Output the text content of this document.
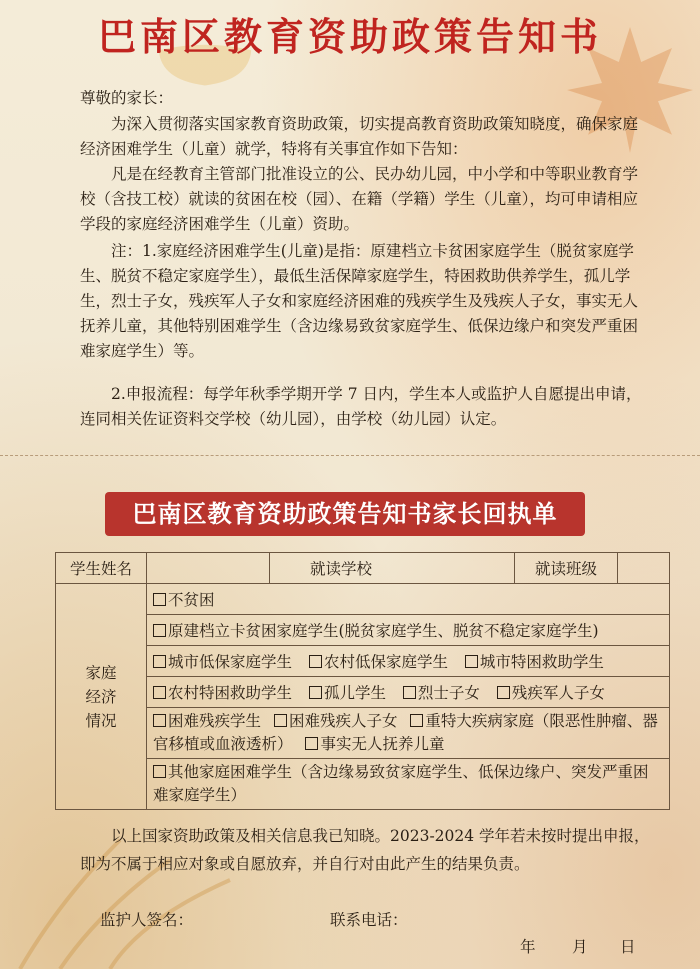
巴南区教育资助政策告知书
尊敬的家长：
为深入贯彻落实国家教育资助政策，切实提高教育资助政策知晓度，确保家庭经济困难学生（儿童）就学，特将有关事宜作如下告知：
凡是在经教育主管部门批准设立的公、民办幼儿园，中小学和中等职业教育学校（含技工校）就读的贫困在校（园）、在籍（学籍）学生（儿童），均可申请相应学段的家庭经济困难学生（儿童）资助。
注：1.家庭经济困难学生(儿童)是指：原建档立卡贫困家庭学生（脱贫家庭学生、脱贫不稳定家庭学生），最低生活保障家庭学生，特困救助供养学生，孤儿学生，烈士子女，残疾军人子女和家庭经济困难的残疾学生及残疾人子女，事实无人抚养儿童，其他特别困难学生（含边缘易致贫家庭学生、低保边缘户和突发严重困难家庭学生）等。
2.申报流程：每学年秋季学期开学 7 日内，学生本人或监护人自愿提出申请，连同相关佐证资料交学校（幼儿园），由学校（幼儿园）认定。
巴南区教育资助政策告知书家长回执单
学生姓名		就读学校		就读班级	

家庭
经济
情况	不贫困				
	原建档立卡贫困家庭学生(脱贫家庭学生、脱贫不稳定家庭学生)				
	城市低保家庭学生 农村低保家庭学生 城市特困救助学生				
	农村特困救助学生 孤儿学生 烈士子女 残疾军人子女				
	困难残疾学生 困难残疾人子女 重特大疾病家庭（限恶性肿瘤、器官移植或血液透析） 事实无人抚养儿童				
	其他家庭困难学生（含边缘易致贫家庭学生、低保边缘户、突发严重困难家庭学生）				
以上国家资助政策及相关信息我已知晓。2023-2024 学年若未按时提出申报，即为不属于相应对象或自愿放弃，并自行对由此产生的结果负责。
监护人签名：	联系电话：
年 月 日
